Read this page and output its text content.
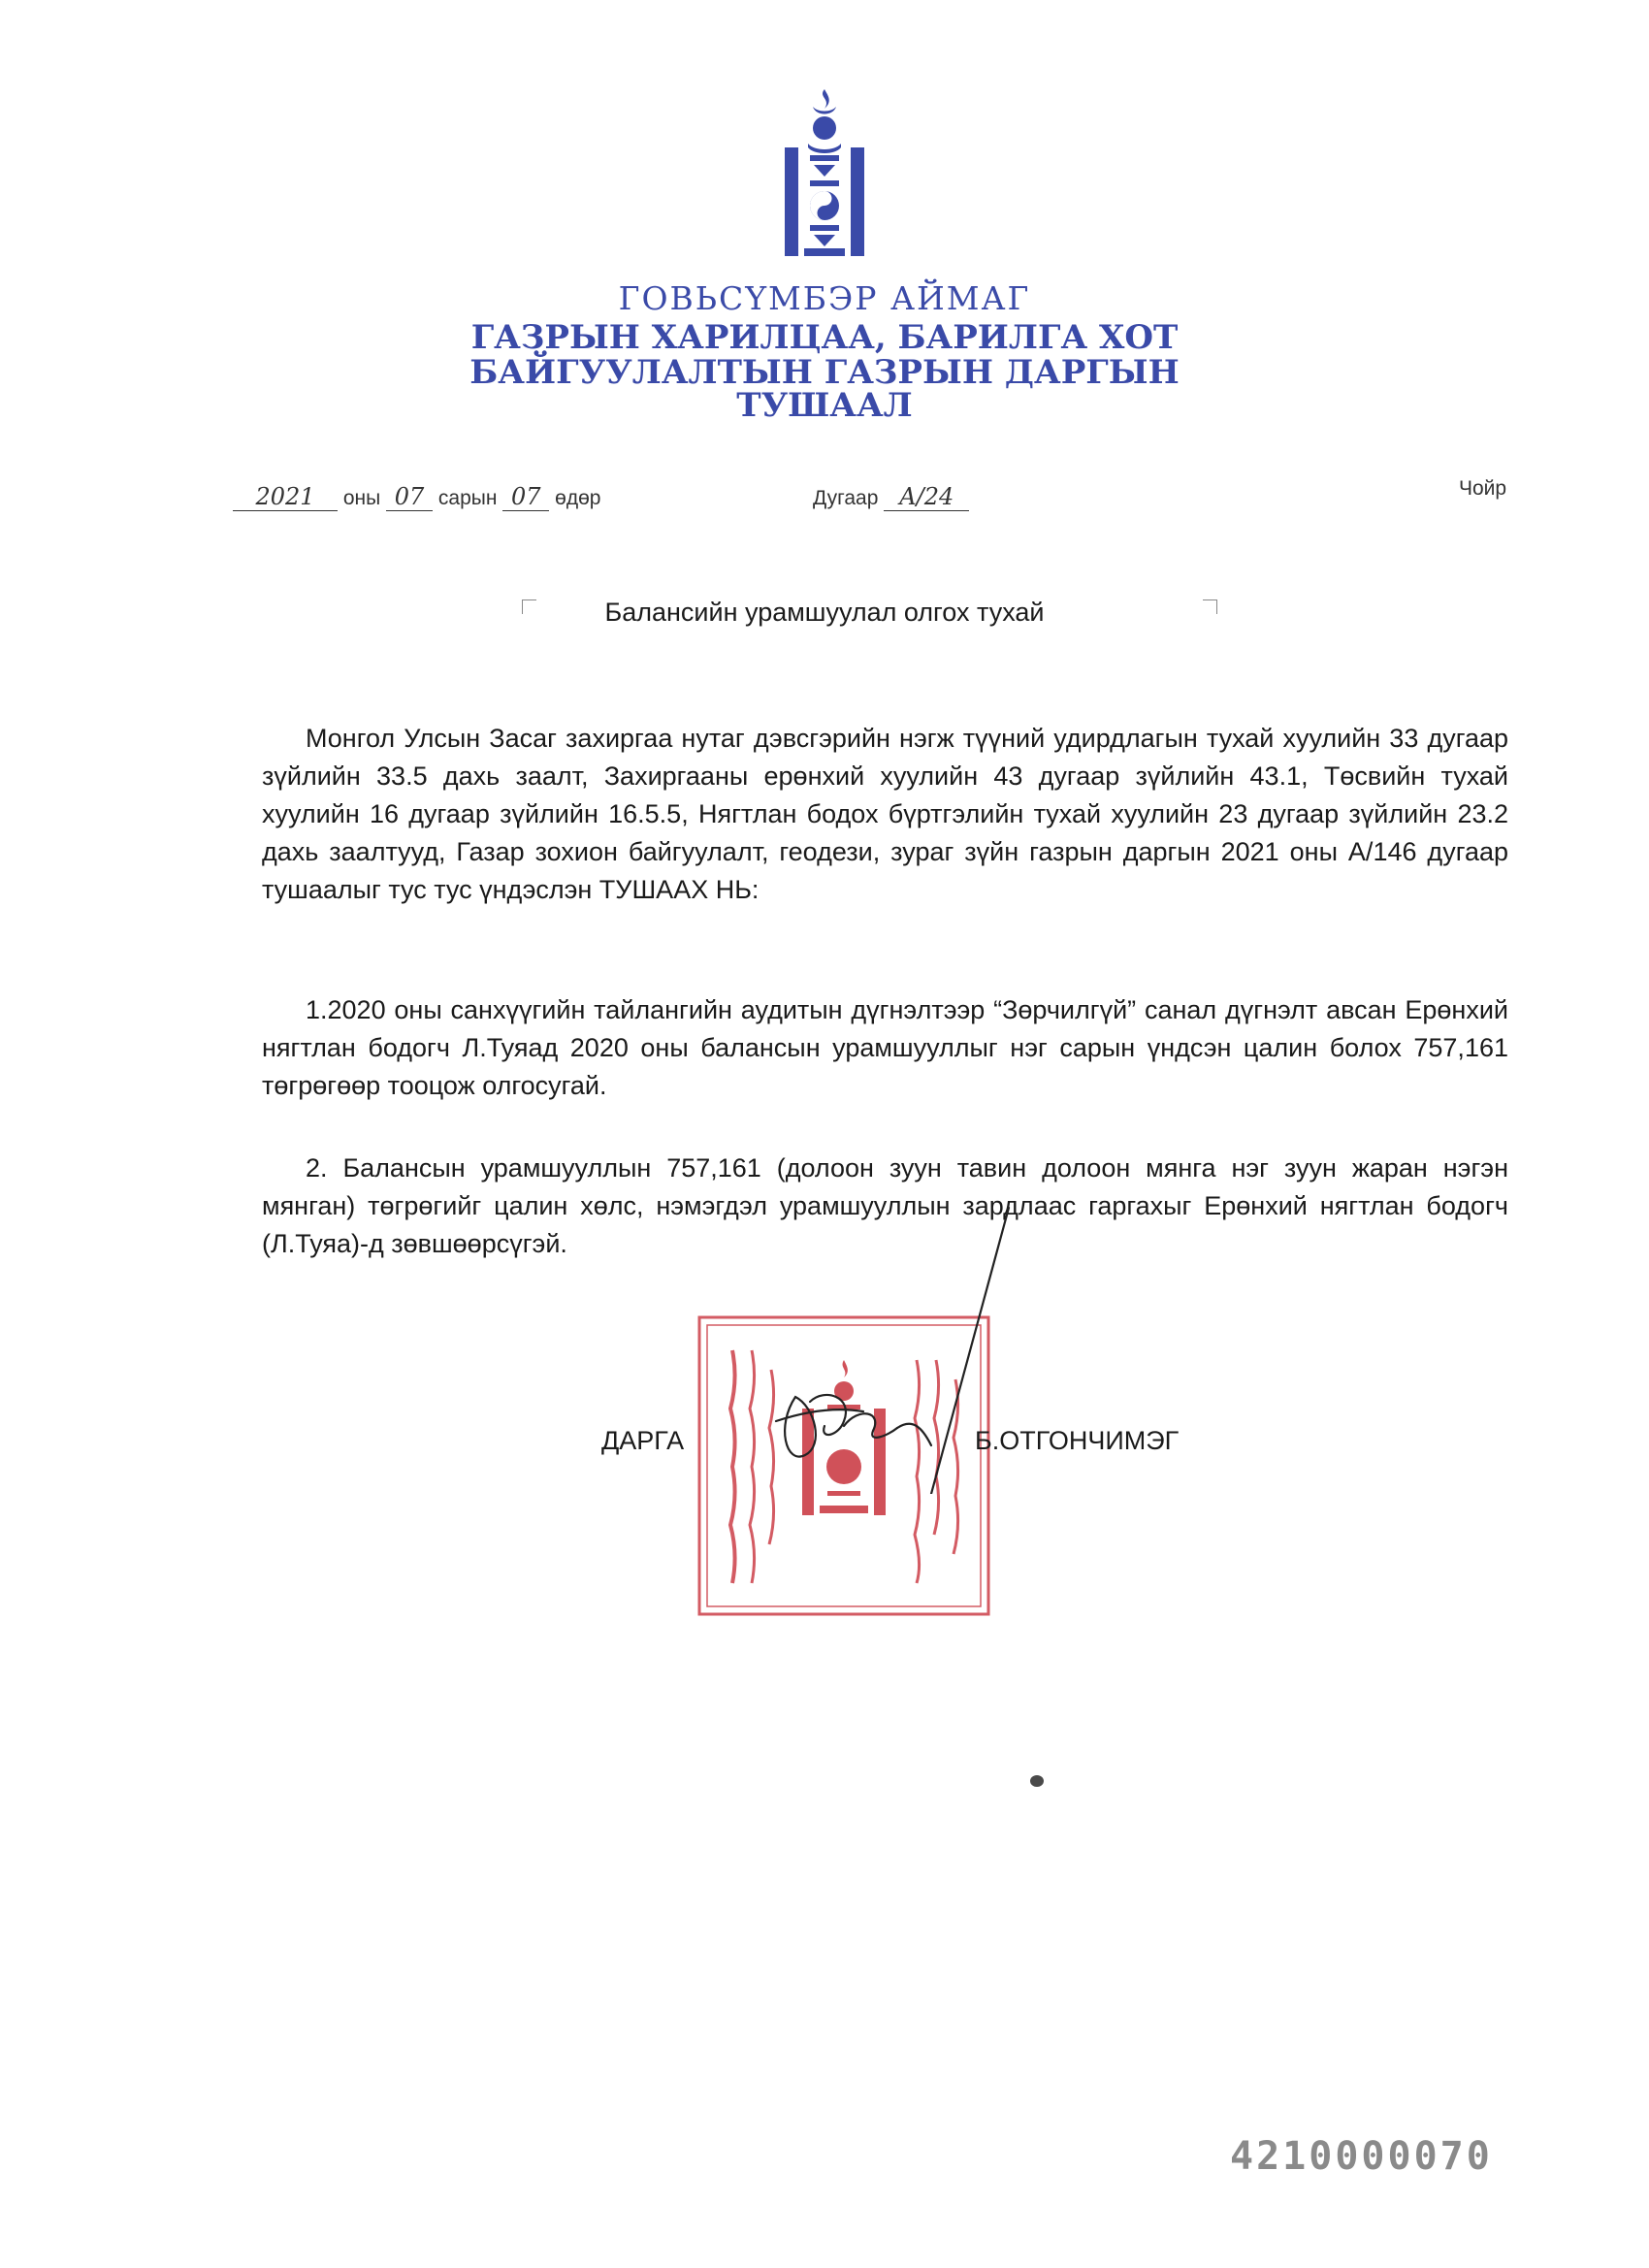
ГОВЬСҮМБЭР АЙМАГ
ГАЗРЫН ХАРИЛЦАА, БАРИЛГА ХОТ
БАЙГУУЛАЛТЫН ГАЗРЫН ДАРГЫН
ТУШААЛ
2021 оны 07 сарын 07 өдөр	Дугаар A/24	Чойр
Балансийн урамшуулал олгох тухай
Монгол Улсын Засаг захиргаа нутаг дэвсгэрийн нэгж түүний удирдлагын тухай хуулийн 33 дугаар зүйлийн 33.5 дахь заалт, Захиргааны ерөнхий хуулийн 43 дугаар зүйлийн 43.1, Төсвийн тухай хуулийн 16 дугаар зүйлийн 16.5.5, Нягтлан бодох бүртгэлийн тухай хуулийн 23 дугаар зүйлийн 23.2 дахь заалтууд, Газар зохион байгуулалт, геодези, зураг зүйн газрын даргын 2021 оны А/146 дугаар тушаалыг тус тус үндэслэн ТУШААХ НЬ:
1.2020 оны санхүүгийн тайлангийн аудитын дүгнэлтээр “Зөрчилгүй” санал дүгнэлт авсан Ерөнхий нягтлан бодогч Л.Туяад 2020 оны балансын урамшууллыг нэг сарын үндсэн цалин болох 757,161 төгрөгөөр тооцож олгосугай.
2. Балансын урамшууллын 757,161 (долоон зуун тавин долоон мянга нэг зуун жаран нэгэн мянган) төгрөгийг цалин хөлс, нэмэгдэл урамшууллын зардлаас гаргахыг Ерөнхий нягтлан бодогч (Л.Туяа)-д зөвшөөрсүгэй.
ДАРГА	Б.ОТГОНЧИМЭГ
4210000070
